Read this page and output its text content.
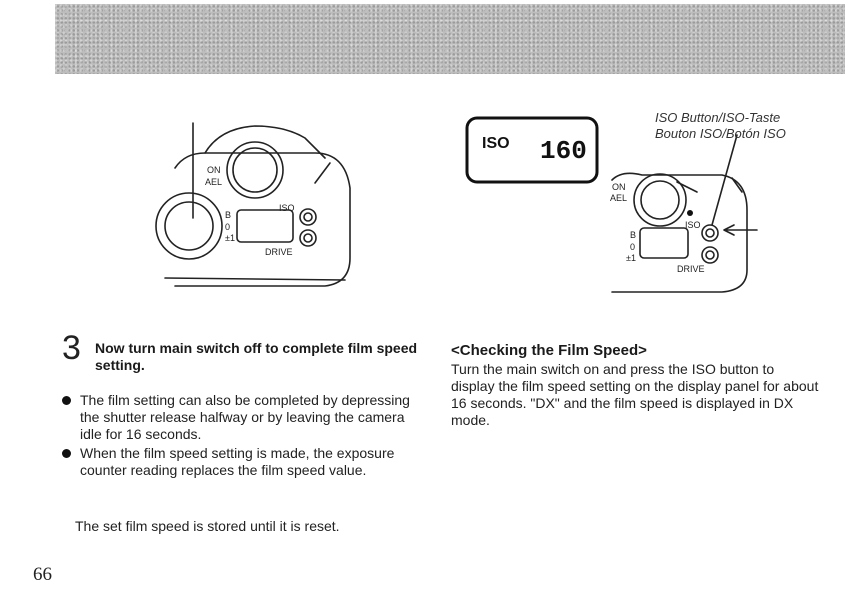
ON
AEL
ISO
DRIVE
B
0
±1
ISO 160
ON
AEL
ISO
DRIVE
B
0
±1
ISO Button/ISO-Taste
Bouton ISO/Botón ISO
3 Now turn main switch off to complete film speed setting.
The film setting can also be completed by depressing the shutter release halfway or by leaving the camera idle for 16 seconds.
When the film speed setting is made, the exposure counter reading replaces the film speed value.
The set film speed is stored until it is reset.
66
<Checking the Film Speed>
Turn the main switch on and press the ISO button to display the film speed setting on the display panel for about 16 seconds. "DX" and the film speed is displayed in DX mode.
